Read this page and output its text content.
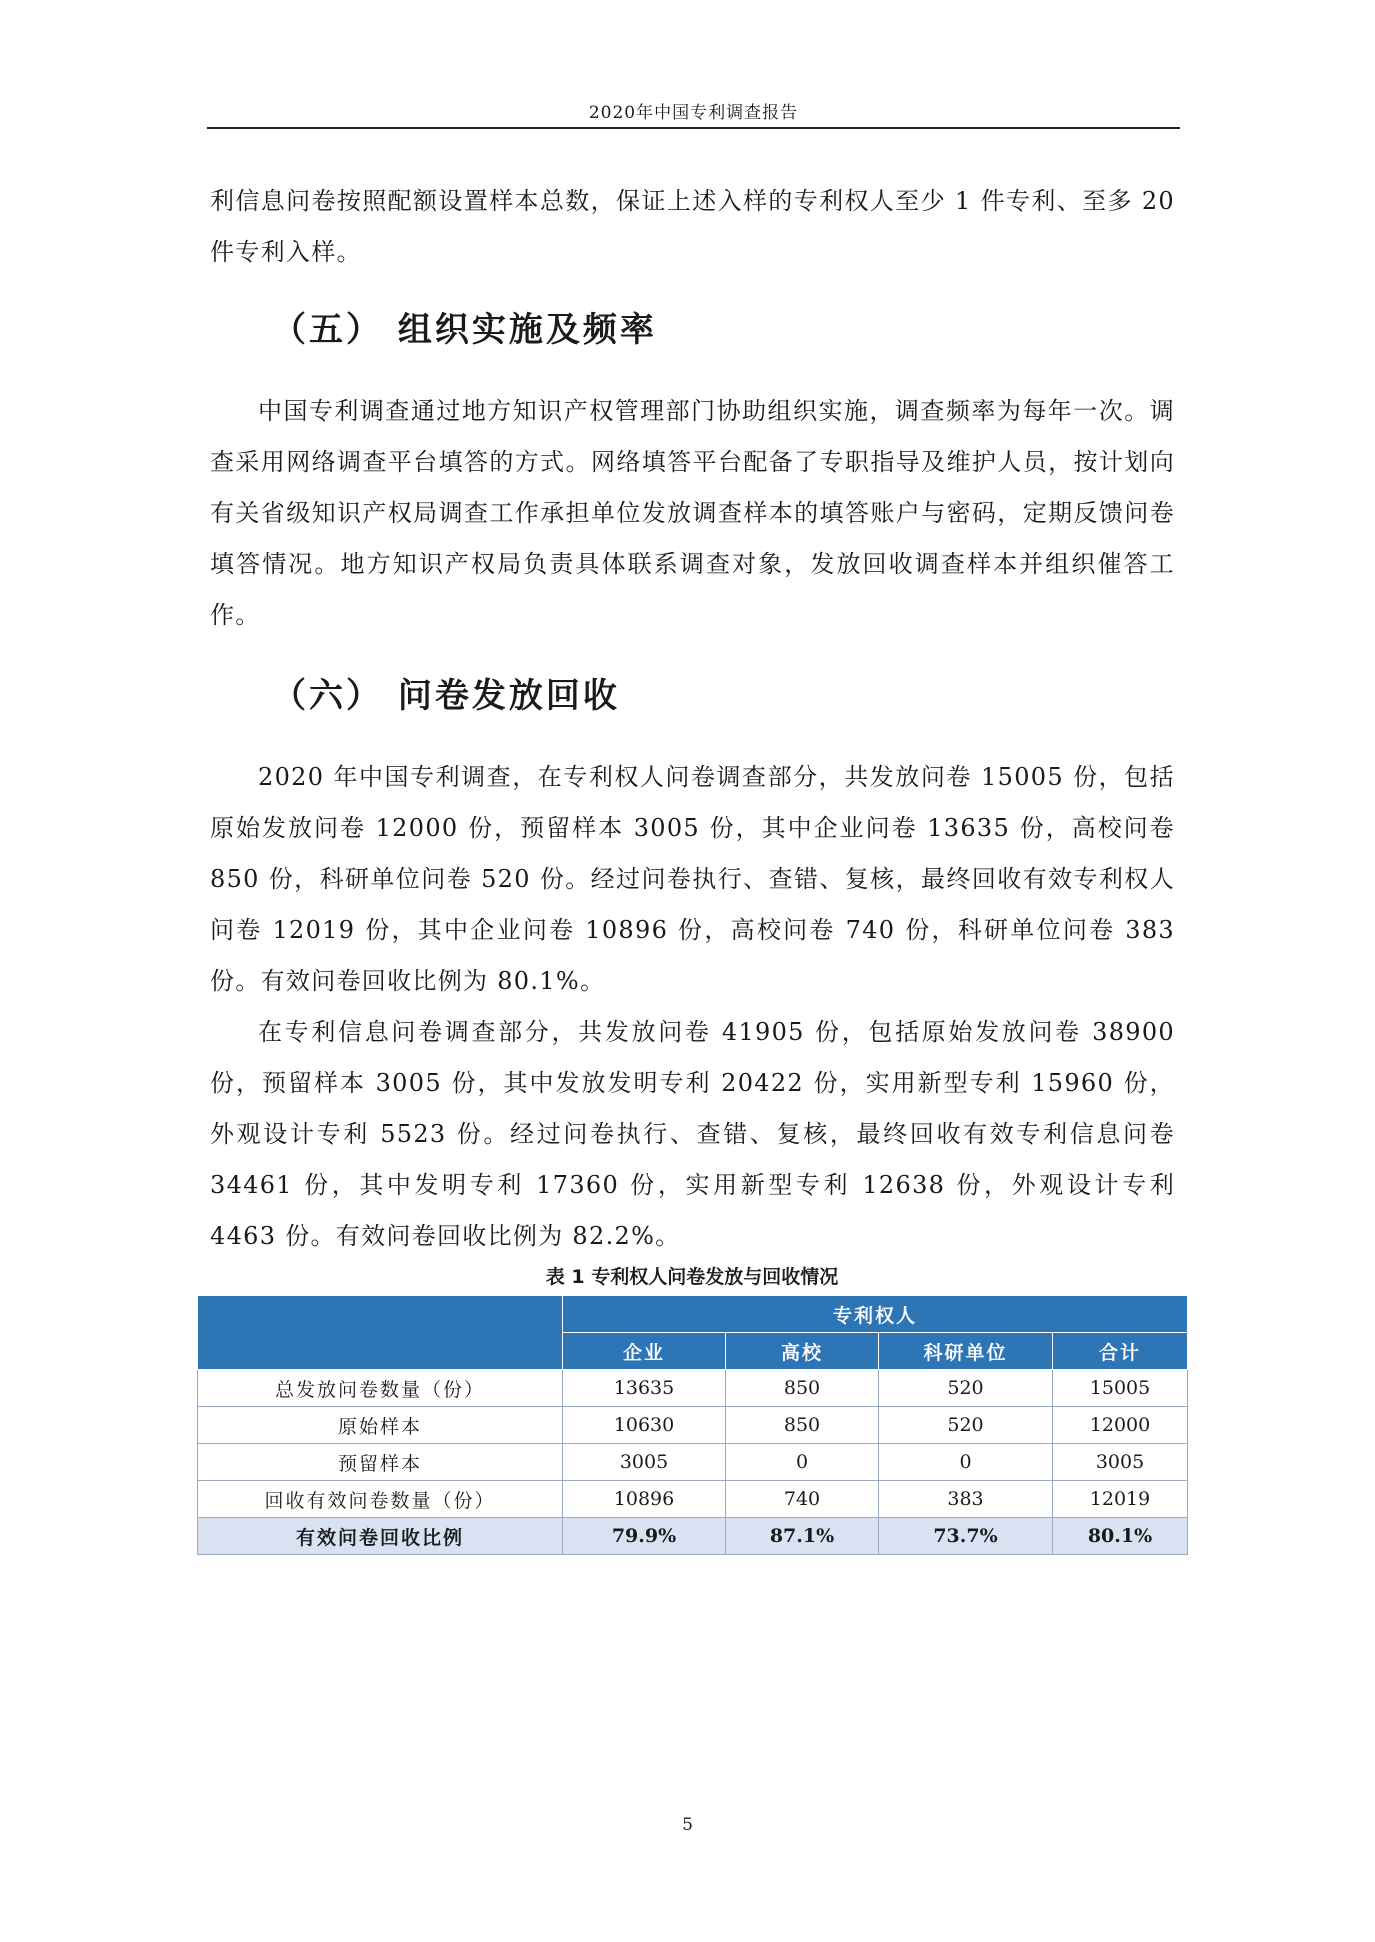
2020年中国专利调查报告

利信息问卷按照配额设置样本总数，保证上述入样的专利权人至少 1 件专利、至多 20 件专利入样。

（五） 组织实施及频率

中国专利调查通过地方知识产权管理部门协助组织实施，调查频率为每年一次。调查采用网络调查平台填答的方式。网络填答平台配备了专职指导及维护人员，按计划向有关省级知识产权局调查工作承担单位发放调查样本的填答账户与密码，定期反馈问卷填答情况。地方知识产权局负责具体联系调查对象，发放回收调查样本并组织催答工作。

（六） 问卷发放回收

2020 年中国专利调查，在专利权人问卷调查部分，共发放问卷 15005 份，包括原始发放问卷 12000 份，预留样本 3005 份，其中企业问卷 13635 份，高校问卷 850 份，科研单位问卷 520 份。经过问卷执行、查错、复核，最终回收有效专利权人问卷 12019 份，其中企业问卷 10896 份，高校问卷 740 份，科研单位问卷 383 份。有效问卷回收比例为 80.1%。

在专利信息问卷调查部分，共发放问卷 41905 份，包括原始发放问卷 38900 份，预留样本 3005 份，其中发放发明专利 20422 份，实用新型专利 15960 份，外观设计专利 5523 份。经过问卷执行、查错、复核，最终回收有效专利信息问卷 34461 份，其中发明专利 17360 份，实用新型专利 12638 份，外观设计专利 4463 份。有效问卷回收比例为 82.2%。

表 1 专利权人问卷发放与回收情况
	专利权人			
	企业	高校	科研单位	合计
总发放问卷数量（份）	13635	850	520	15005
原始样本	10630	850	520	12000
预留样本	3005	0	0	3005
回收有效问卷数量（份）	10896	740	383	12019
有效问卷回收比例	79.9%	87.1%	73.7%	80.1%
5
